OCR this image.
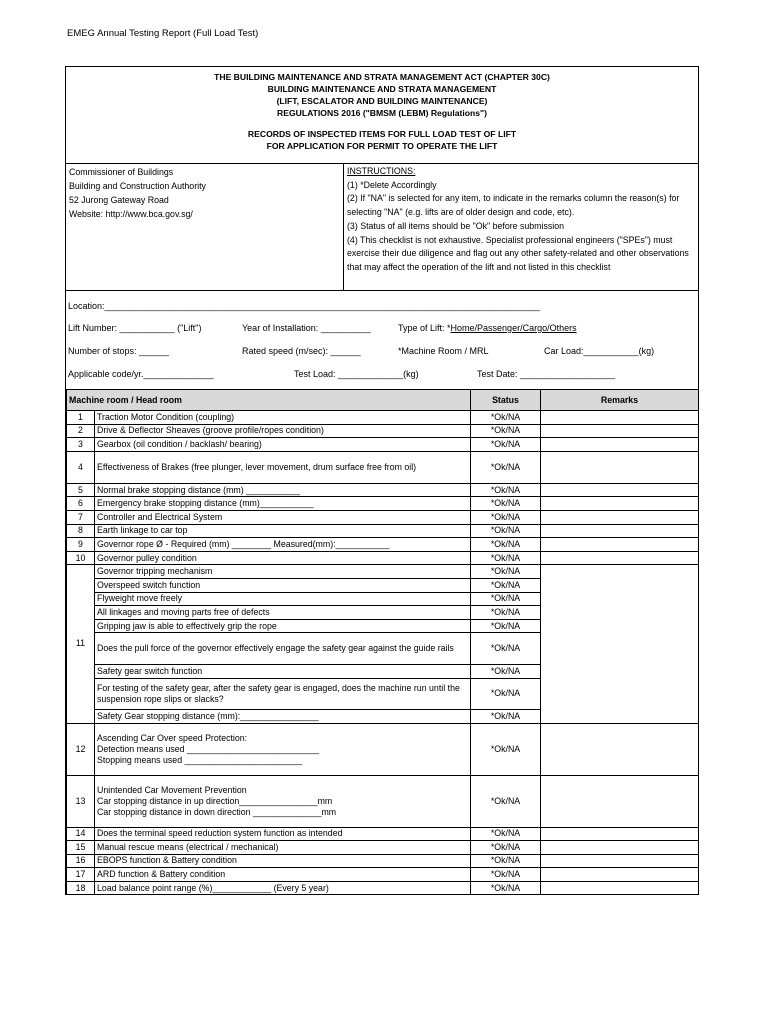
EMEG Annual Testing Report (Full Load Test)
THE BUILDING MAINTENANCE AND STRATA MANAGEMENT ACT (CHAPTER 30C)
BUILDING MAINTENANCE AND STRATA MANAGEMENT
(LIFT, ESCALATOR AND BUILDING MAINTENANCE)
REGULATIONS 2016 ("BMSM (LEBM) Regulations")
RECORDS OF INSPECTED ITEMS FOR FULL LOAD TEST OF LIFT
FOR APPLICATION FOR PERMIT TO OPERATE THE LIFT
Commissioner of Buildings
Building and Construction Authority
52 Jurong Gateway Road
Website: http://www.bca.gov.sg/
INSTRUCTIONS:
(1) *Delete Accordingly
(2) If "NA" is selected for any item, to indicate in the remarks column the reason(s) for selecting "NA" (e.g. lifts are of older design and code, etc).
(3) Status of all items should be "Ok" before submission
(4) This checklist is not exhaustive. Specialist professional engineers ("SPEs") must exercise their due diligence and flag out any other safety-related and other observations that may affect the operation of the lift and not listed in this checklist
Location:_______________________________________________________________________________________
Lift Number: ___________ ("Lift")	Year of Installation: __________	Type of Lift: *Home/Passenger/Cargo/Others
Number of stops: ______	Rated speed (m/sec): ______	*Machine Room / MRL	Car Load:___________(kg)
Applicable code/yr.______________	Test Load: _____________(kg)	Test Date: ___________________
Machine room / Head room		Status	Remarks
1	Traction Motor Condition (coupling)	*Ok/NA	
2	Drive & Deflector Sheaves (groove profile/ropes condition)	*Ok/NA	
3	Gearbox (oil condition / backlash/ bearing)	*Ok/NA	
4	Effectiveness of Brakes (free plunger, lever movement, drum surface free from oil)	*Ok/NA	
5	Normal brake stopping distance (mm) ___________	*Ok/NA	
6	Emergency brake stopping distance (mm)___________	*Ok/NA	
7	Controller and Electrical System	*Ok/NA	
8	Earth linkage to car top	*Ok/NA	
9	Governor rope Ø - Required (mm) ________ Measured(mm):___________	*Ok/NA	
10	Governor pulley condition	*Ok/NA	
11	Governor tripping mechanism	*Ok/NA	
	Overspeed switch function	*Ok/NA	
	Flyweight move freely	*Ok/NA	
	All linkages and moving parts free of defects	*Ok/NA	
	Gripping jaw is able to effectively grip the rope	*Ok/NA	
	Does the pull force of the governor effectively engage the safety gear against the guide rails	*Ok/NA	
	Safety gear switch function	*Ok/NA	
	For testing of the safety gear, after the safety gear is engaged, does the machine run until the suspension rope slips or slacks?	*Ok/NA	
	Safety Gear stopping distance (mm):________________	*Ok/NA	
12	Ascending Car Over speed Protection:
Detection means used ___________________________
Stopping means used ________________________	*Ok/NA	
13	Unintended Car Movement Prevention
Car stopping distance in up direction________________mm
Car stopping distance in down direction ______________mm	*Ok/NA	
14	Does the terminal speed reduction system function as intended	*Ok/NA	
15	Manual rescue means (electrical / mechanical)	*Ok/NA	
16	EBOPS function & Battery condition	*Ok/NA	
17	ARD function & Battery condition	*Ok/NA	
18	Load balance point range (%)____________ (Every 5 year)	*Ok/NA	
